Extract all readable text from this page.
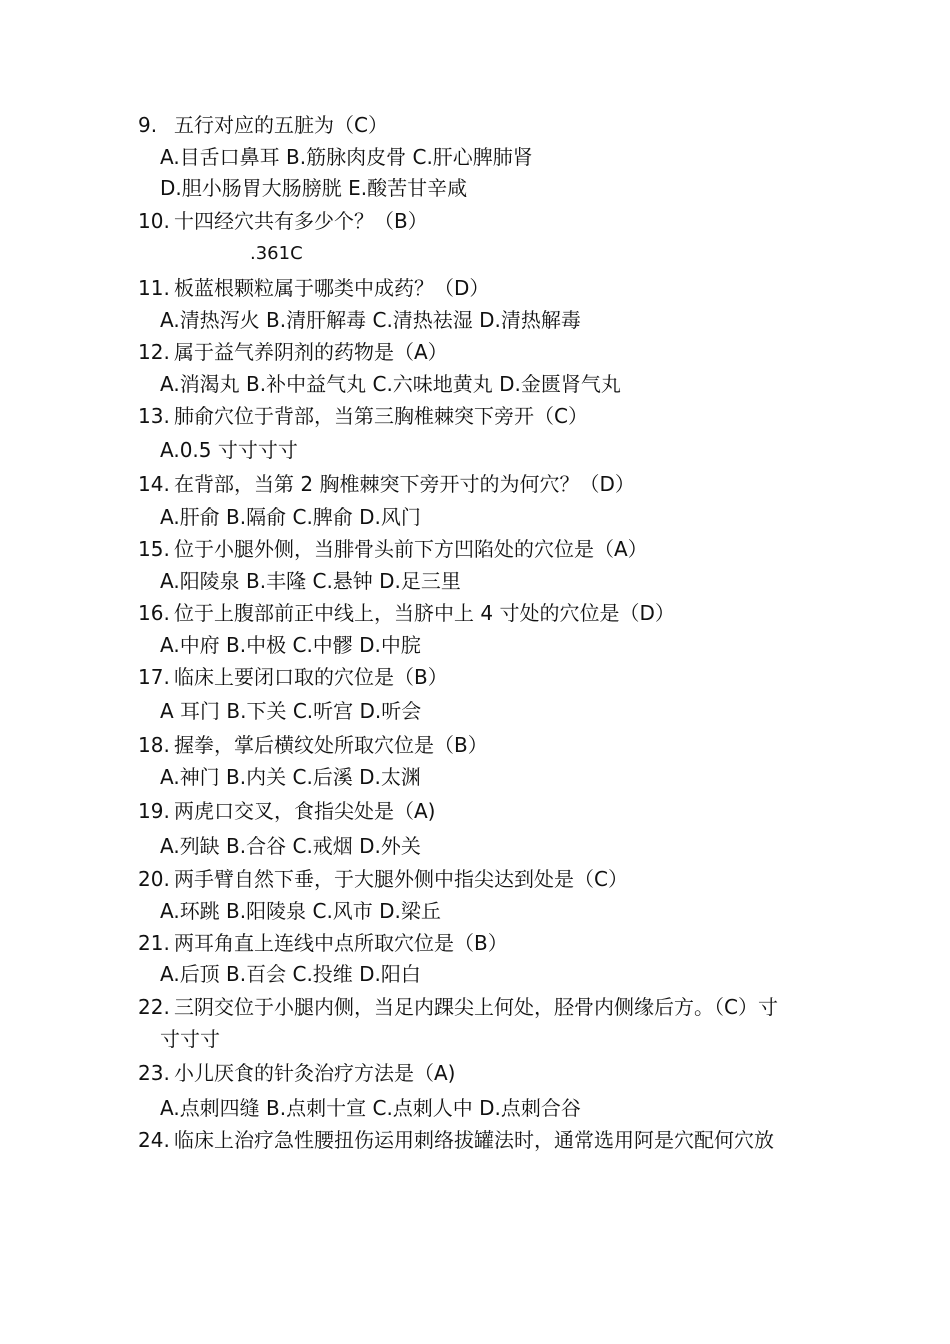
9. 五行对应的五脏为（C）
A.目舌口鼻耳 B.筋脉肉皮骨 C.肝心脾肺肾
D.胆小肠胃大肠膀胱 E.酸苦甘辛咸
10. 十四经穴共有多少个？（B）
.361C
11. 板蓝根颗粒属于哪类中成药？（D）
A.清热泻火 B.清肝解毒 C.清热祛湿 D.清热解毒
12. 属于益气养阴剂的药物是（A）
A.消渴丸 B.补中益气丸 C.六味地黄丸 D.金匮肾气丸
13. 肺俞穴位于背部，当第三胸椎棘突下旁开（C）
A.0.5 寸寸寸寸
14. 在背部，当第 2 胸椎棘突下旁开寸的为何穴？（D）
A.肝俞 B.隔俞 C.脾俞 D.风门
15. 位于小腿外侧，当腓骨头前下方凹陷处的穴位是（A）
A.阳陵泉 B.丰隆 C.悬钟 D.足三里
16. 位于上腹部前正中线上，当脐中上 4 寸处的穴位是（D）
A.中府 B.中极 C.中髎 D.中脘
17. 临床上要闭口取的穴位是（B）
A 耳门 B.下关 C.听宫 D.听会
18. 握拳，掌后横纹处所取穴位是（B）
A.神门 B.内关 C.后溪 D.太渊
19. 两虎口交叉，食指尖处是（A)
A.列缺 B.合谷 C.戒烟 D.外关
20. 两手臂自然下垂，于大腿外侧中指尖达到处是（C）
A.环跳 B.阳陵泉 C.风市 D.梁丘
21. 两耳角直上连线中点所取穴位是（B）
A.后顶 B.百会 C.投维 D.阳白
22. 三阴交位于小腿内侧，当足内踝尖上何处，胫骨内侧缘后方。（C）寸
寸寸寸
23. 小儿厌食的针灸治疗方法是（A)
A.点刺四缝 B.点刺十宣 C.点刺人中 D.点刺合谷
24. 临床上治疗急性腰扭伤运用刺络拔罐法时，通常选用阿是穴配何穴放
